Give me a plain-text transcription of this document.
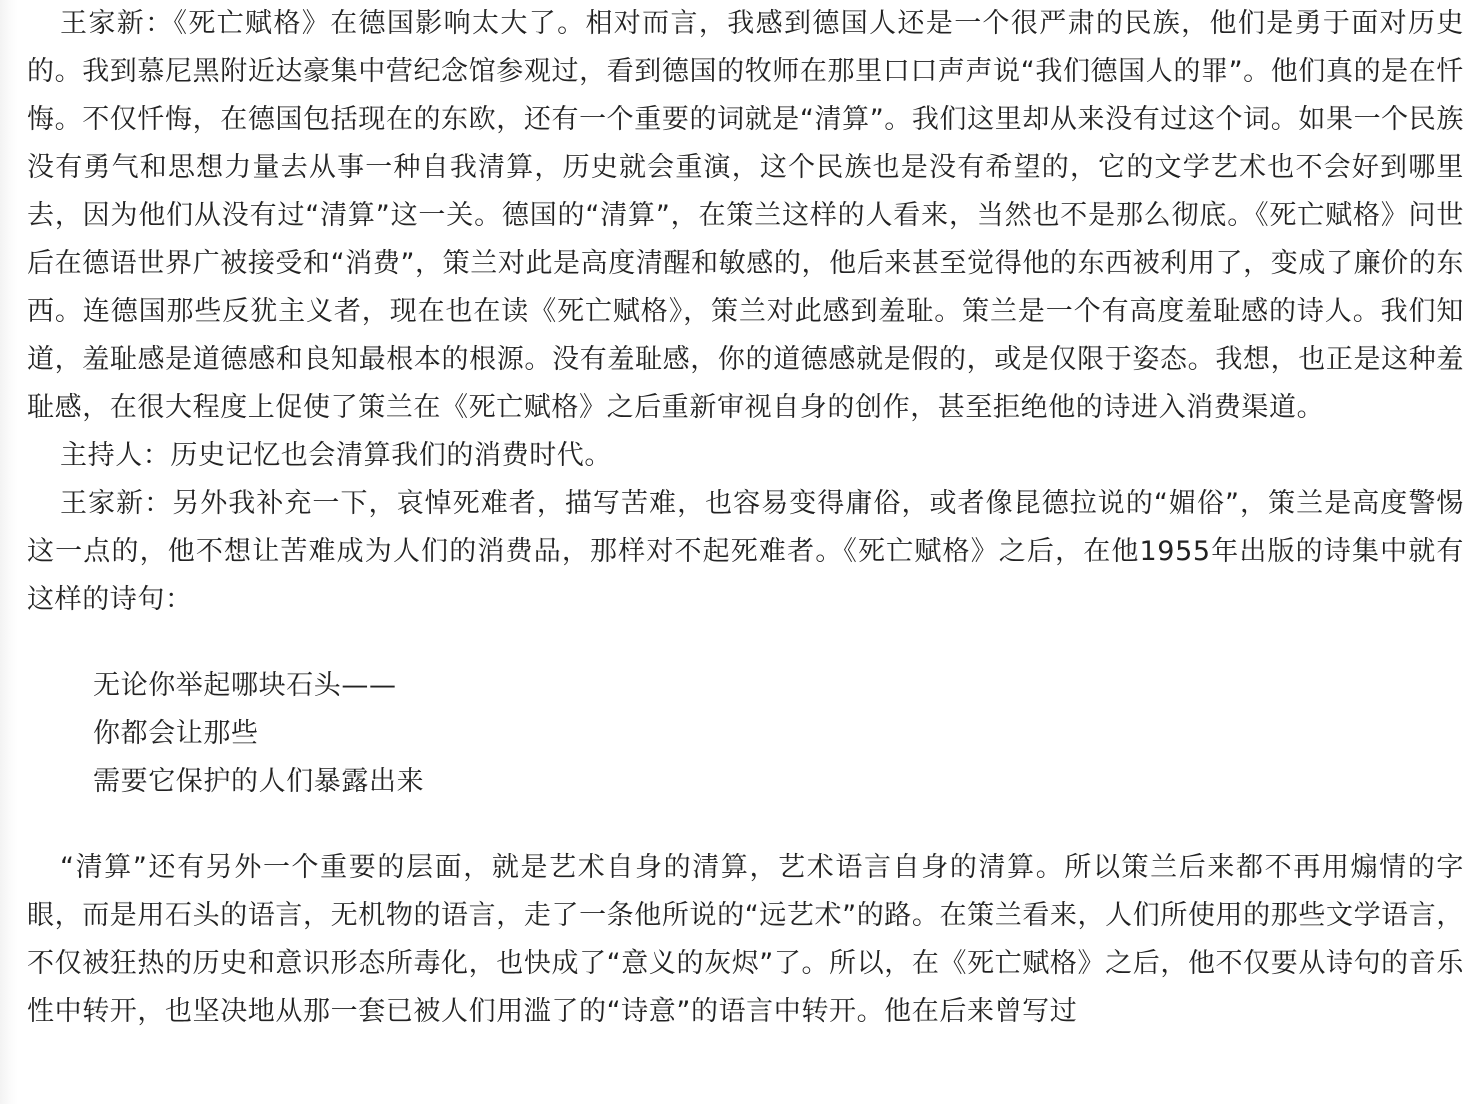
王家新：《死亡赋格》在德国影响太大了。相对而言，我感到德国人还是一个很严肃的民族，他们是勇于面对历史的。我到慕尼黑附近达豪集中营纪念馆参观过，看到德国的牧师在那里口口声声说“我们德国人的罪”。他们真的是在忏悔。不仅忏悔，在德国包括现在的东欧，还有一个重要的词就是“清算”。我们这里却从来没有过这个词。如果一个民族没有勇气和思想力量去从事一种自我清算，历史就会重演，这个民族也是没有希望的，它的文学艺术也不会好到哪里去，因为他们从没有过“清算”这一关。德国的“清算”，在策兰这样的人看来，当然也不是那么彻底。《死亡赋格》问世后在德语世界广被接受和“消费”，策兰对此是高度清醒和敏感的，他后来甚至觉得他的东西被利用了，变成了廉价的东西。连德国那些反犹主义者，现在也在读《死亡赋格》，策兰对此感到羞耻。策兰是一个有高度羞耻感的诗人。我们知道，羞耻感是道德感和良知最根本的根源。没有羞耻感，你的道德感就是假的，或是仅限于姿态。我想，也正是这种羞耻感，在很大程度上促使了策兰在《死亡赋格》之后重新审视自身的创作，甚至拒绝他的诗进入消费渠道。

主持人：历史记忆也会清算我们的消费时代。

王家新：另外我补充一下，哀悼死难者，描写苦难，也容易变得庸俗，或者像昆德拉说的“媚俗”，策兰是高度警惕这一点的，他不想让苦难成为人们的消费品，那样对不起死难者。《死亡赋格》之后，在他1955年出版的诗集中就有这样的诗句：

无论你举起哪块石头——
你都会让那些
需要它保护的人们暴露出来

“清算”还有另外一个重要的层面，就是艺术自身的清算，艺术语言自身的清算。所以策兰后来都不再用煽情的字眼，而是用石头的语言，无机物的语言，走了一条他所说的“远艺术”的路。在策兰看来，人们所使用的那些文学语言，不仅被狂热的历史和意识形态所毒化，也快成了“意义的灰烬”了。所以，在《死亡赋格》之后，他不仅要从诗句的音乐性中转开，也坚决地从那一套已被人们用滥了的“诗意”的语言中转开。他在后来曾写过
